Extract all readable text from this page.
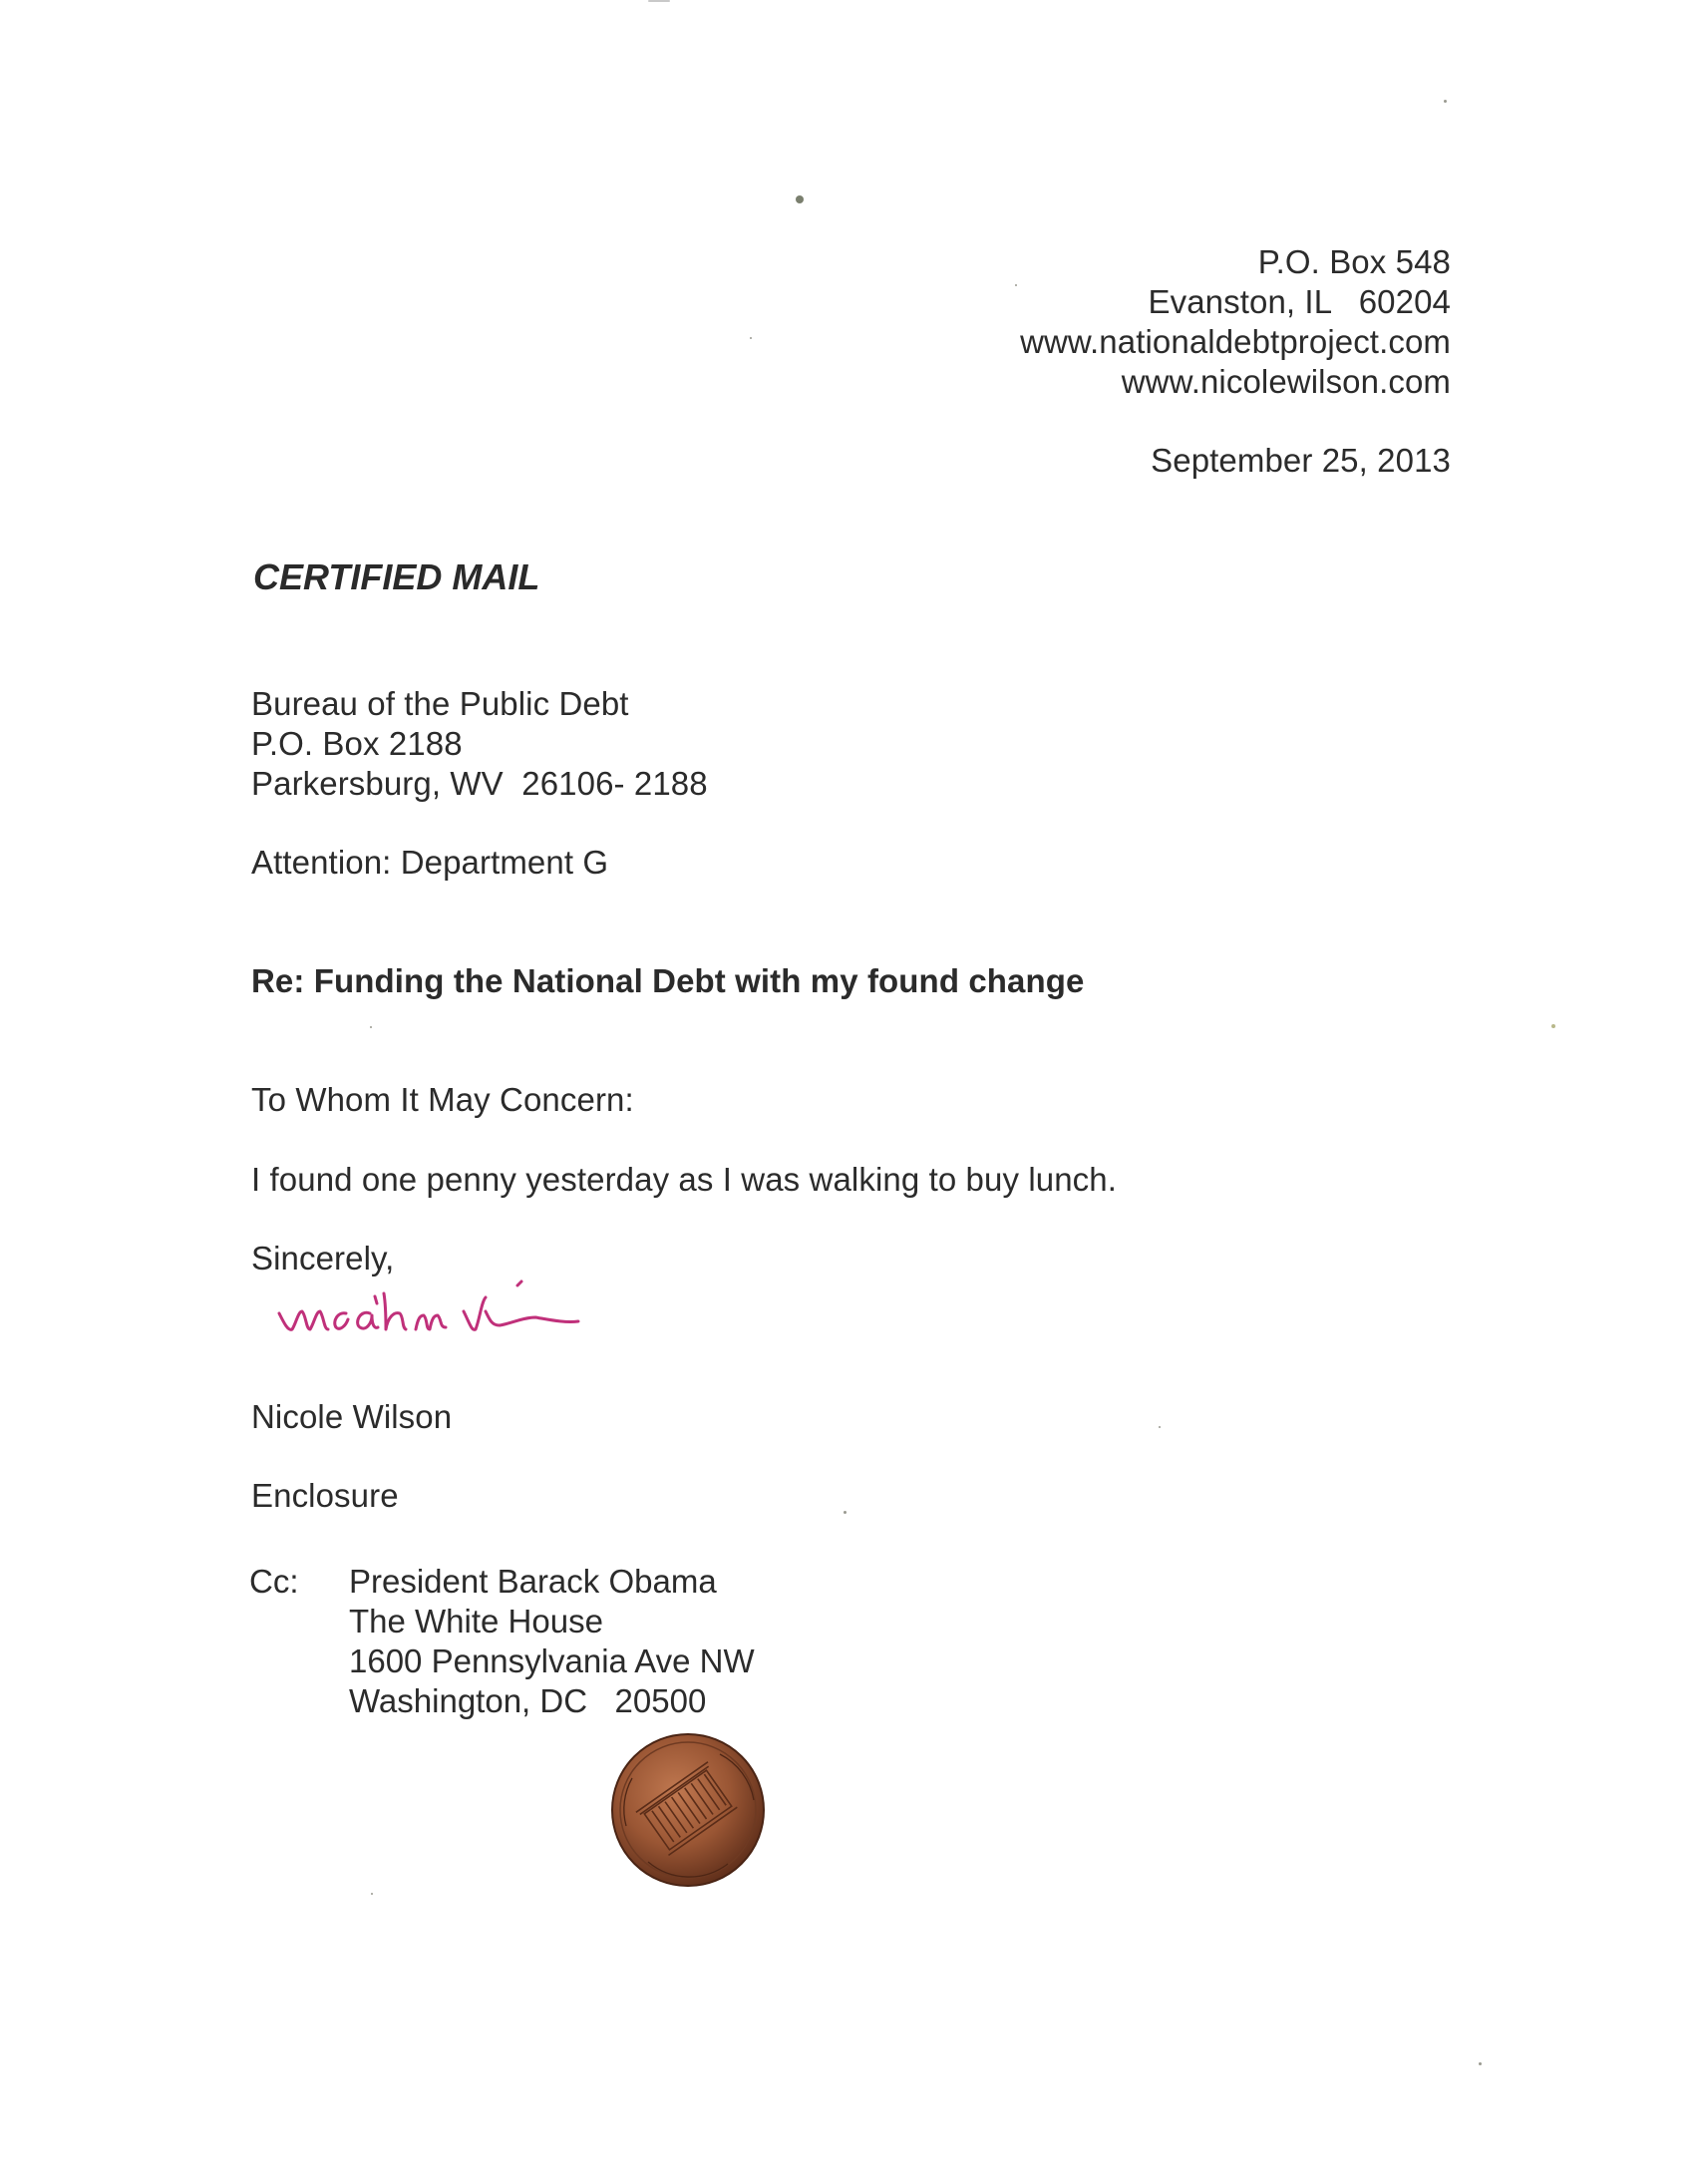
P.O. Box 548
Evanston, IL   60204
www.nationaldebtproject.com
www.nicolewilson.com
September 25, 2013
CERTIFIED MAIL
Bureau of the Public Debt
P.O. Box 2188
Parkersburg, WV  26106- 2188
Attention: Department G
Re: Funding the National Debt with my found change
To Whom It May Concern:
I found one penny yesterday as I was walking to buy lunch.
Sincerely,
Nicole Wilson
Enclosure
Cc: President Barack Obama
The White House
1600 Pennsylvania Ave NW
Washington, DC   20500
